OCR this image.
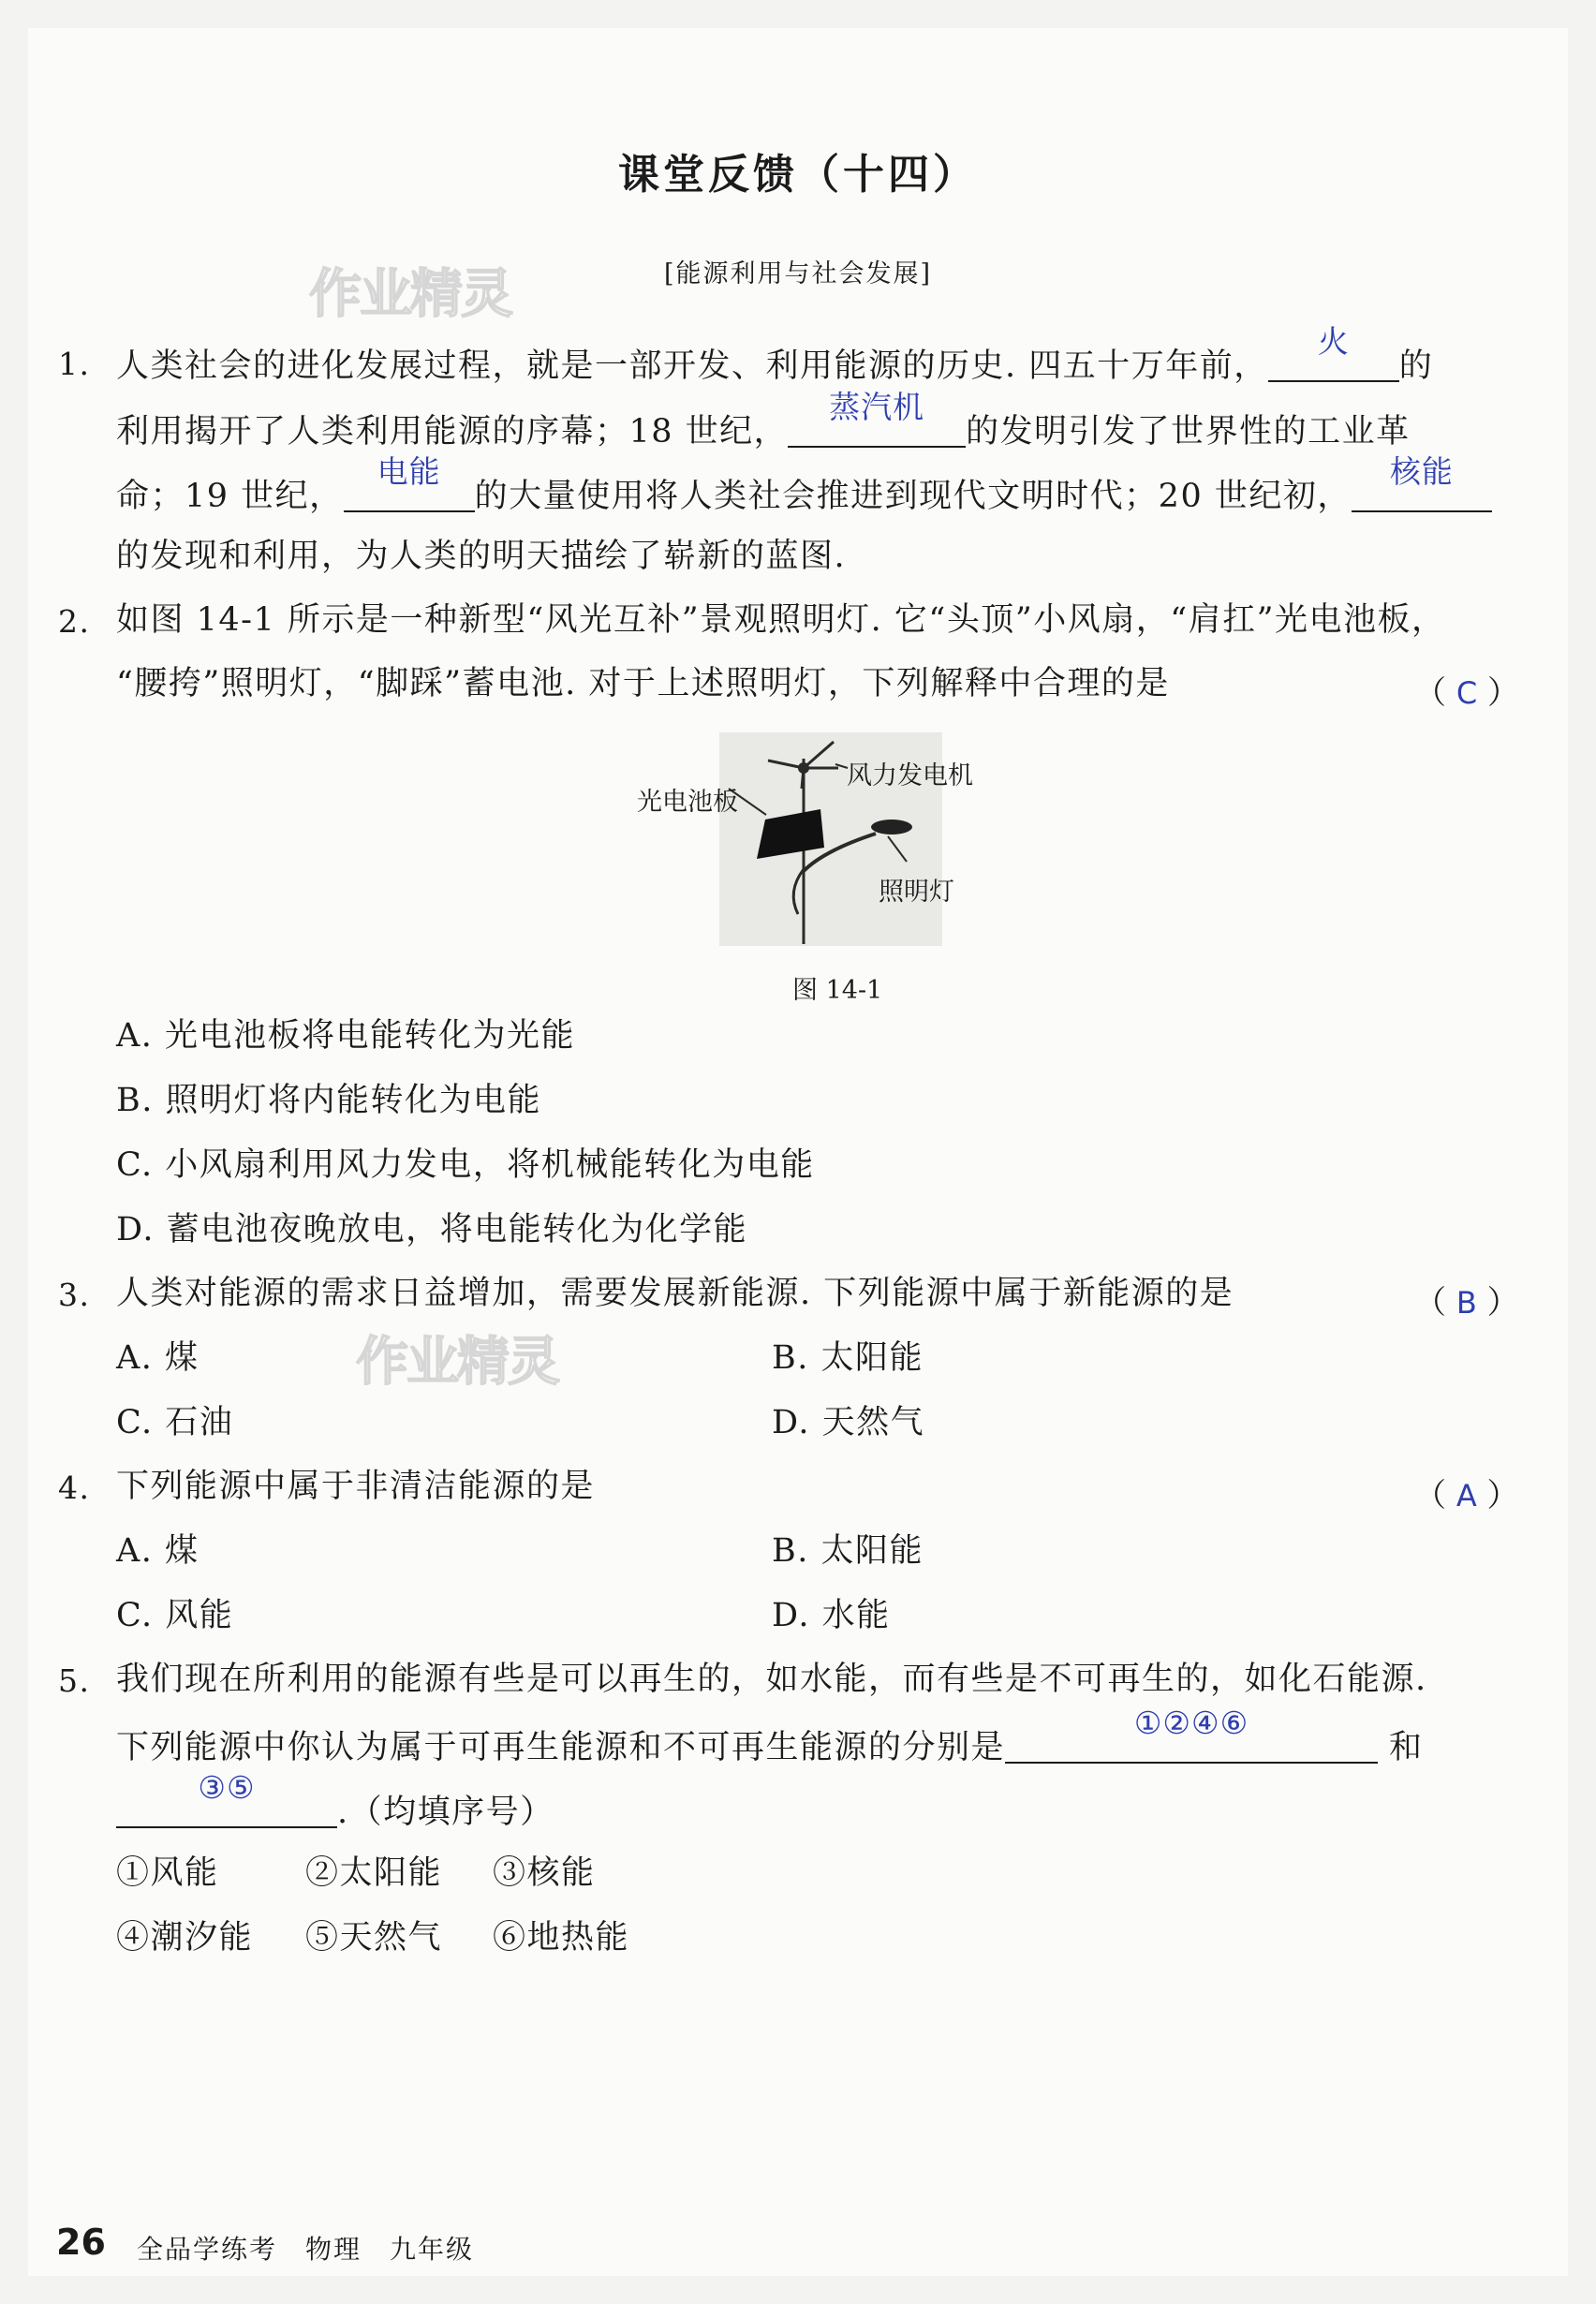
课堂反馈（十四）
[能源利用与社会发展]
作业精灵
作业精灵
1. 人类社会的进化发展过程，就是一部开发、利用能源的历史. 四五十万年前，
火
的
利用揭开了人类利用能源的序幕；18 世纪，
蒸汽机
的发明引发了世界性的工业革
命；19 世纪，
电能
的大量使用将人类社会推进到现代文明时代；20 世纪初，
核能
的发现和利用，为人类的明天描绘了崭新的蓝图.
2. 如图 14-1 所示是一种新型“风光互补”景观照明灯. 它“头顶”小风扇，“肩扛”光电池板，
“腰挎”照明灯，“脚踩”蓄电池. 对于上述照明灯，下列解释中合理的是	（ C ）
风力发电机
光电池板
照明灯
图 14-1
A. 光电池板将电能转化为光能
B. 照明灯将内能转化为电能
C. 小风扇利用风力发电，将机械能转化为电能
D. 蓄电池夜晚放电，将电能转化为化学能
3. 人类对能源的需求日益增加，需要发展新能源. 下列能源中属于新能源的是	（ B ）
A. 煤	B. 太阳能
C. 石油	D. 天然气
4. 下列能源中属于非清洁能源的是	（ A ）
A. 煤	B. 太阳能
C. 风能	D. 水能
5. 我们现在所利用的能源有些是可以再生的，如水能，而有些是不可再生的，如化石能源.
下列能源中你认为属于可再生能源和不可再生能源的分别是
①②④⑥
和
③⑤
.（均填序号）
①风能	②太阳能 ③核能
④潮汐能 ⑤天然气 ⑥地热能
26 全品学练考 物理 九年级
